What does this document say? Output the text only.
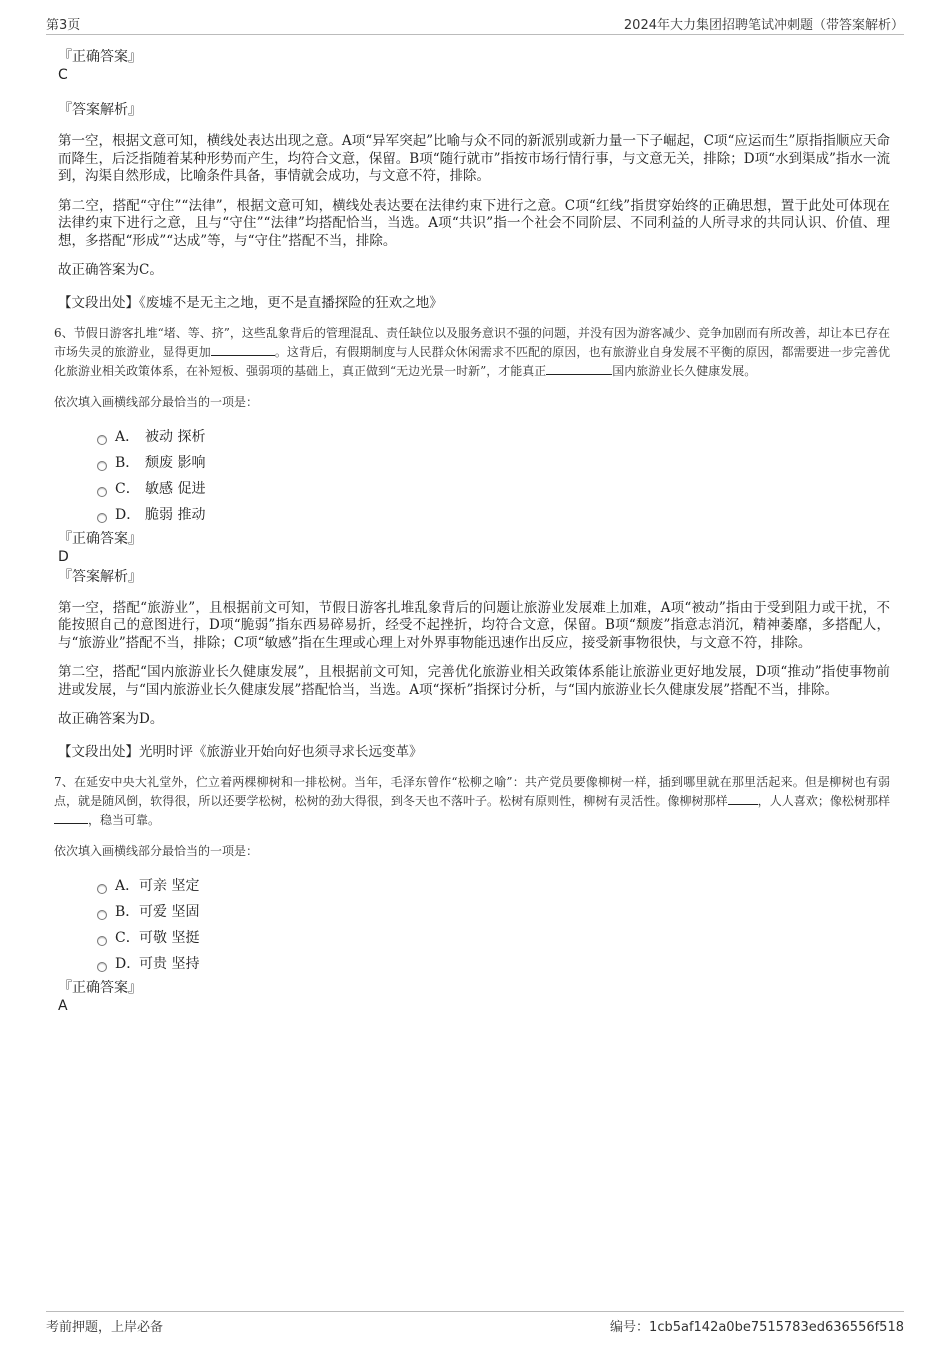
第3页	2024年大力集团招聘笔试冲刺题（带答案解析）

『正确答案』

C

『答案解析』

第一空，根据文意可知，横线处表达出现之意。A项“异军突起”比喻与众不同的新派别或新力量一下子崛起，C项“应运而生”原指指顺应天命而降生，后泛指随着某种形势而产生，均符合文意，保留。B项“随行就市”指按市场行情行事，与文意无关，排除；D项“水到渠成”指水一流到，沟渠自然形成，比喻条件具备，事情就会成功，与文意不符，排除。

第二空，搭配“守住”“法律”，根据文意可知，横线处表达要在法律约束下进行之意。C项“红线”指贯穿始终的正确思想，置于此处可体现在法律约束下进行之意，且与“守住”“法律”均搭配恰当，当选。A项“共识”指一个社会不同阶层、不同利益的人所寻求的共同认识、价值、理想，多搭配“形成”“达成”等，与“守住”搭配不当，排除。

故正确答案为C。

【文段出处】《废墟不是无主之地，更不是直播探险的狂欢之地》

6、节假日游客扎堆“堵、等、挤”，这些乱象背后的管理混乱、责任缺位以及服务意识不强的问题，并没有因为游客减少、竞争加剧而有所改善，却让本已存在市场失灵的旅游业，显得更加	。这背后，有假期制度与人民群众休闲需求不匹配的原因，也有旅游业自身发展不平衡的原因，都需要进一步完善优化旅游业相关政策体系，在补短板、强弱项的基础上，真正做到“无边光景一时新”，才能真正	国内旅游业长久健康发展。

依次填入画横线部分最恰当的一项是：

A． 被动 探析
B． 颓废 影响
C． 敏感 促进
D． 脆弱 推动

『正确答案』

D

『答案解析』

第一空，搭配“旅游业”，且根据前文可知，节假日游客扎堆乱象背后的问题让旅游业发展难上加难，A项“被动”指由于受到阻力或干扰，不能按照自己的意图进行，D项“脆弱”指东西易碎易折，经受不起挫折，均符合文意，保留。B项“颓废”指意志消沉，精神萎靡，多搭配人，与“旅游业”搭配不当，排除；C项“敏感”指在生理或心理上对外界事物能迅速作出反应，接受新事物很快，与文意不符，排除。

第二空，搭配“国内旅游业长久健康发展”，且根据前文可知，完善优化旅游业相关政策体系能让旅游业更好地发展，D项“推动”指使事物前进或发展，与“国内旅游业长久健康发展”搭配恰当，当选。A项“探析”指探讨分析，与“国内旅游业长久健康发展”搭配不当，排除。

故正确答案为D。

【文段出处】光明时评《旅游业开始向好也须寻求长远变革》

7、在延安中央大礼堂外，伫立着两棵柳树和一排松树。当年，毛泽东曾作“松柳之喻”：共产党员要像柳树一样，插到哪里就在那里活起来。但是柳树也有弱点，就是随风倒，软得很，所以还要学松树，松树的劲大得很，到冬天也不落叶子。松树有原则性，柳树有灵活性。像柳树那样	，人人喜欢；像松树那样，稳当可靠。

依次填入画横线部分最恰当的一项是：

A．可亲 坚定
B．可爱 坚固
C．可敬 坚挺
D．可贵 坚持

『正确答案』

A

考前押题，上岸必备	编号：1cb5af142a0be7515783ed636556f518
